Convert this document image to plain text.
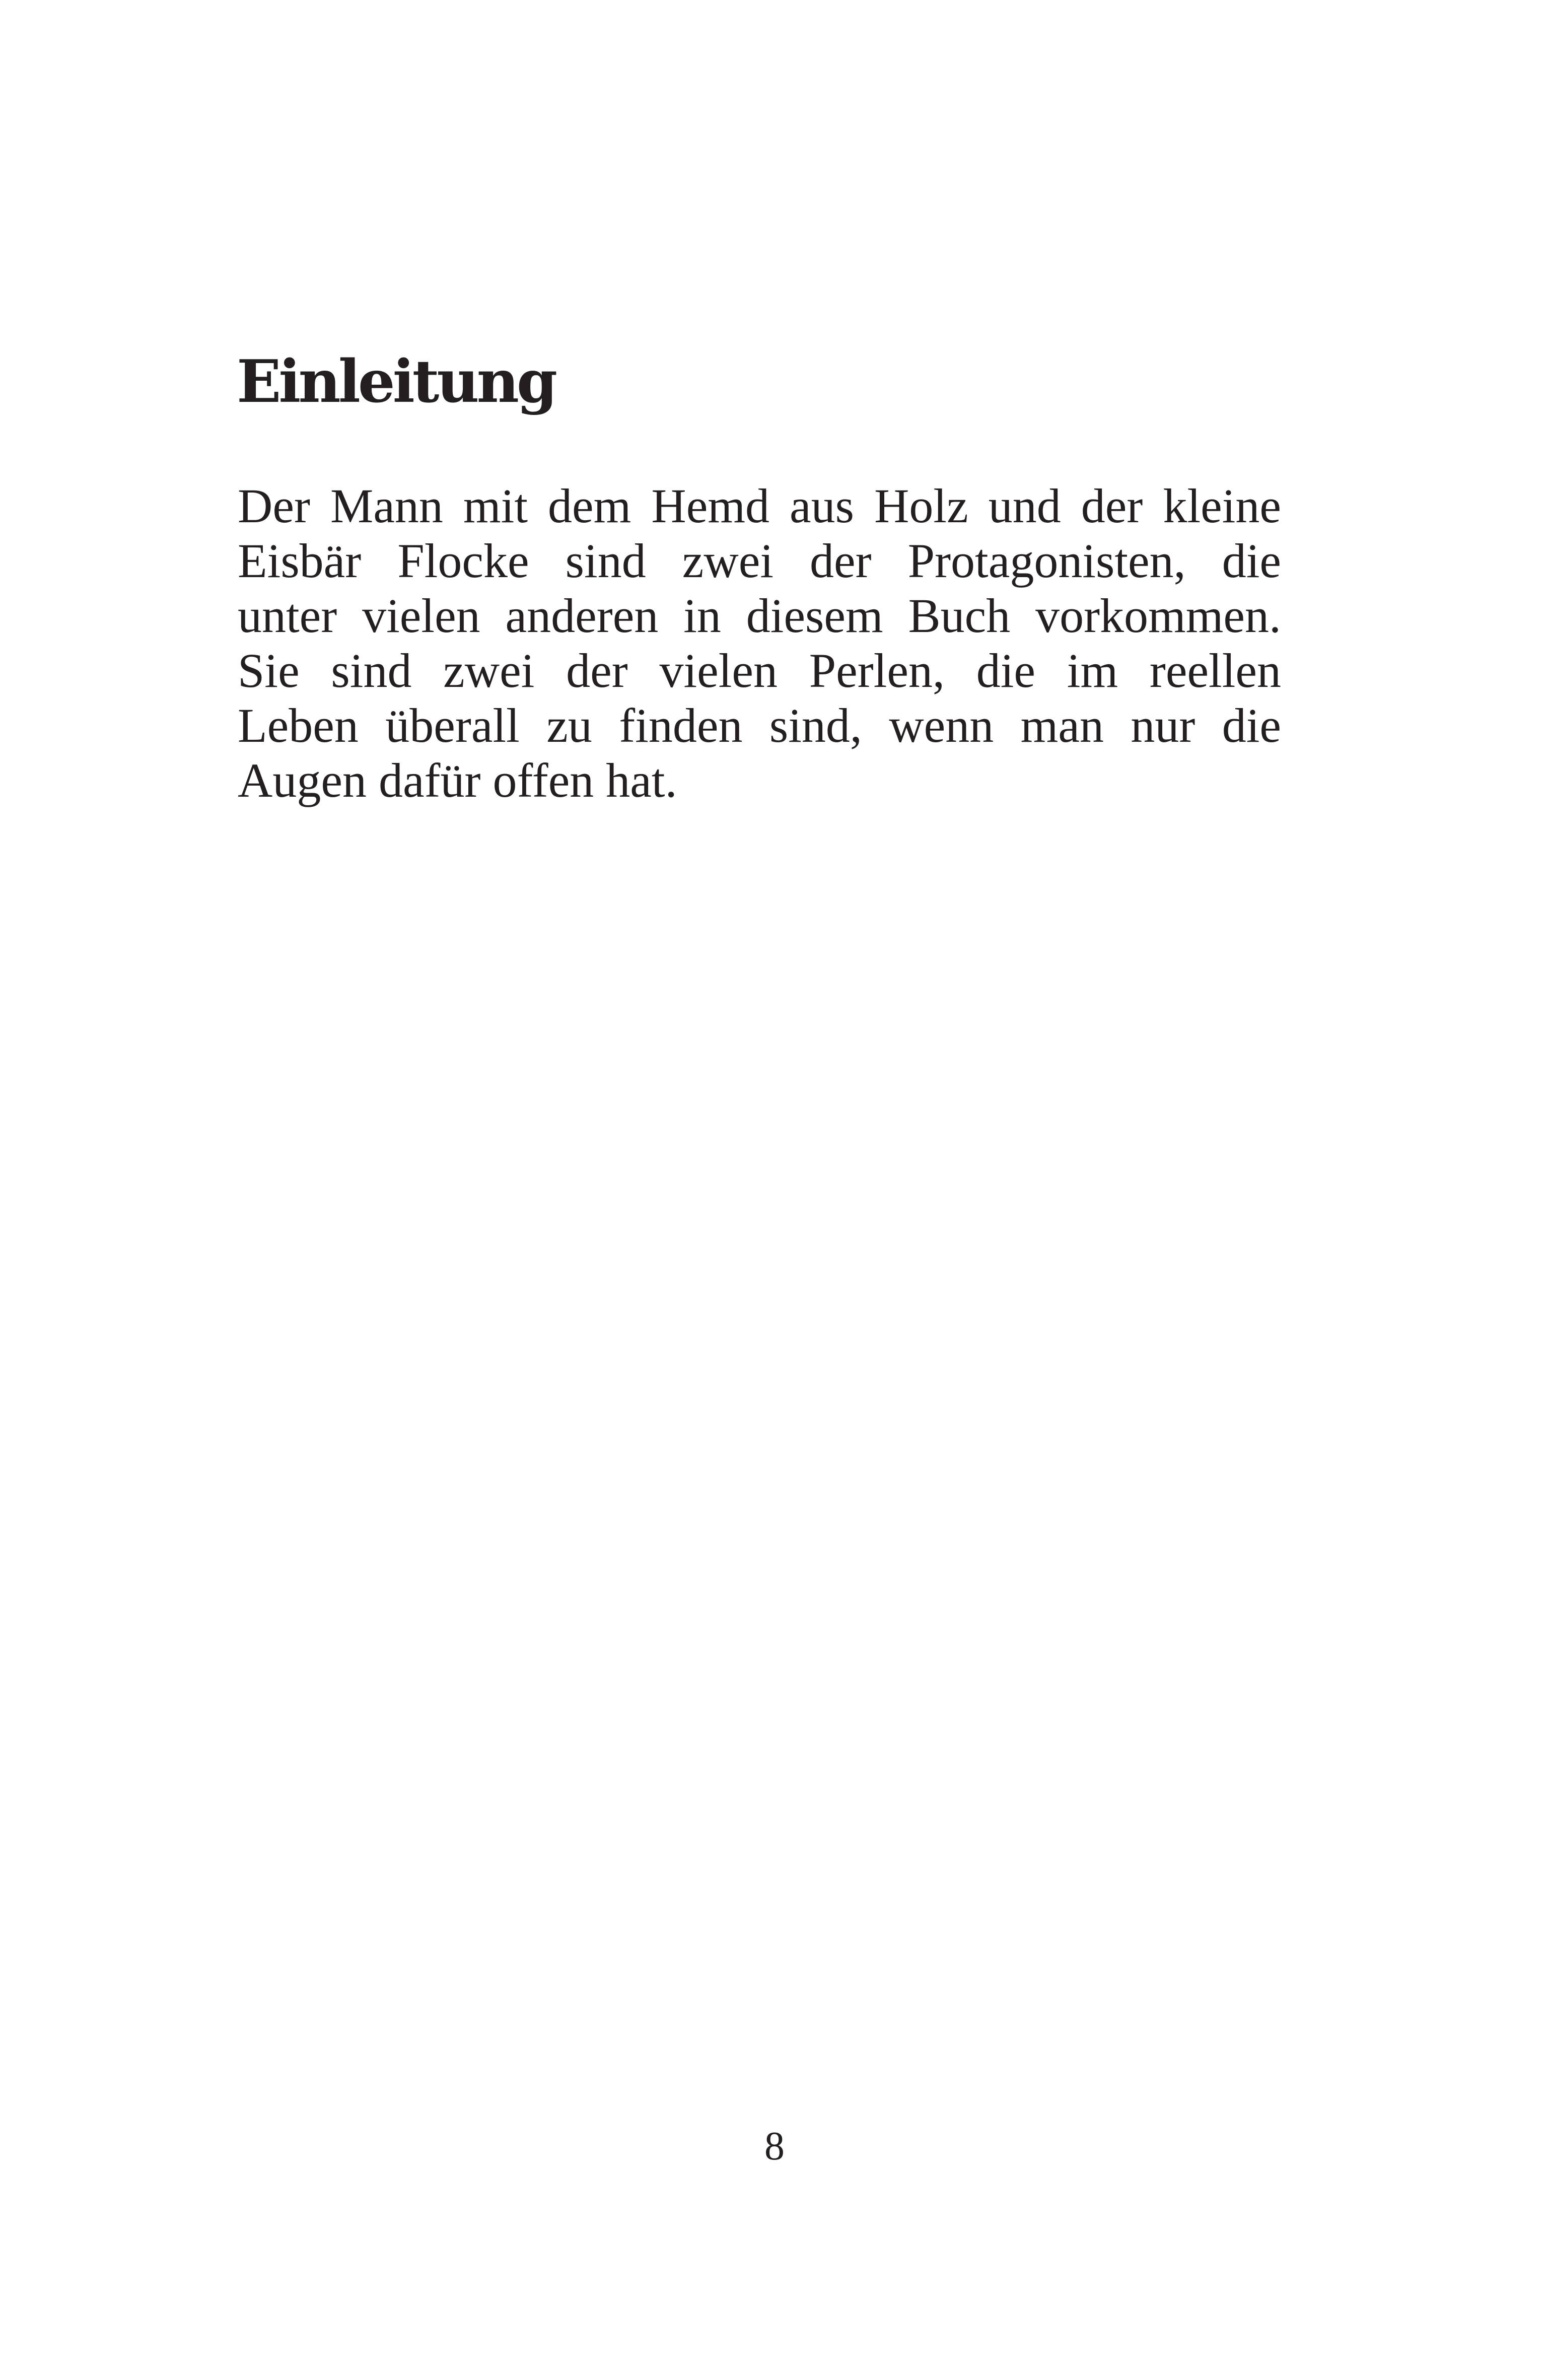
Einleitung
Der Mann mit dem Hemd aus Holz und der kleine
Eisbär Flocke sind zwei der Protagonisten, die
unter vielen anderen in diesem Buch vorkommen.
Sie sind zwei der vielen Perlen, die im reellen
Leben überall zu finden sind, wenn man nur die
Augen dafür offen hat.

8
